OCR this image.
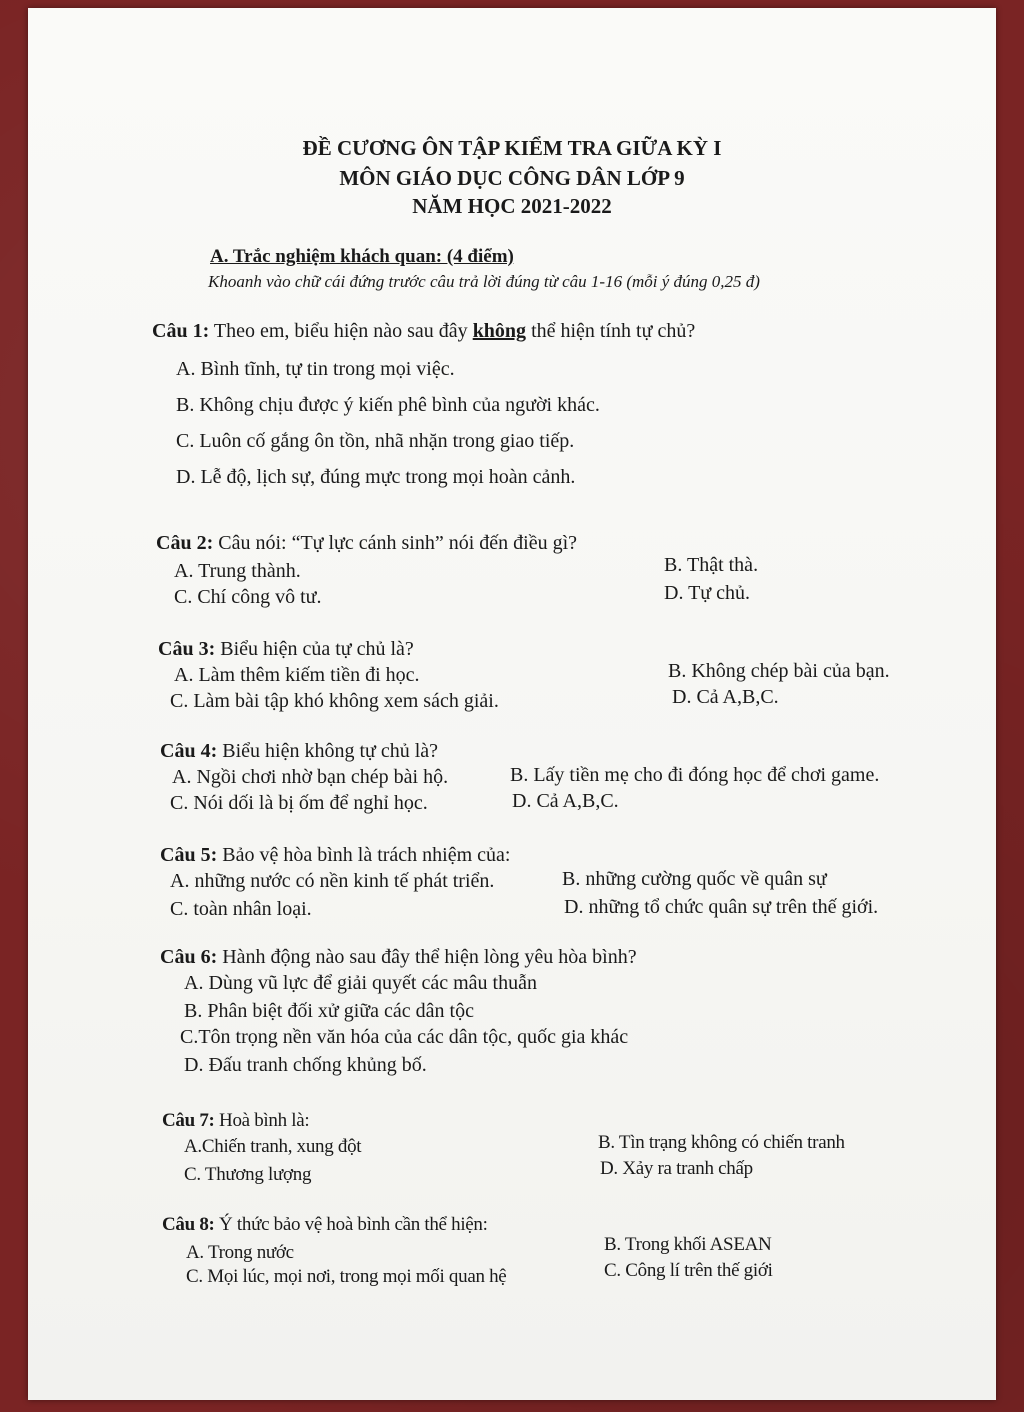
ĐỀ CƯƠNG ÔN TẬP KIỂM TRA GIỮA KỲ I
MÔN GIÁO DỤC CÔNG DÂN LỚP 9
NĂM HỌC 2021-2022
A. Trắc nghiệm khách quan: (4 điểm)
Khoanh vào chữ cái đứng trước câu trả lời đúng từ câu 1-16 (mỗi ý đúng 0,25 đ)
Câu 1: Theo em, biểu hiện nào sau đây không thể hiện tính tự chủ?
A. Bình tĩnh, tự tin trong mọi việc.
B. Không chịu được ý kiến phê bình của người khác.
C. Luôn cố gắng ôn tồn, nhã nhặn trong giao tiếp.
D. Lễ độ, lịch sự, đúng mực trong mọi hoàn cảnh.
Câu 2: Câu nói: “Tự lực cánh sinh” nói đến điều gì?
A. Trung thành.	B. Thật thà.
C. Chí công vô tư.	D. Tự chủ.
Câu 3: Biểu hiện của tự chủ là?
A. Làm thêm kiếm tiền đi học.	B. Không chép bài của bạn.
C. Làm bài tập khó không xem sách giải.	D. Cả A,B,C.
Câu 4: Biểu hiện không tự chủ là?
A. Ngồi chơi nhờ bạn chép bài hộ.	B. Lấy tiền mẹ cho đi đóng học để chơi game.
C. Nói dối là bị ốm để nghỉ học.	D. Cả A,B,C.
Câu 5: Bảo vệ hòa bình là trách nhiệm của:
A. những nước có nền kinh tế phát triển.	B. những cường quốc về quân sự
C. toàn nhân loại.	D. những tổ chức quân sự trên thế giới.
Câu 6: Hành động nào sau đây thể hiện lòng yêu hòa bình?
A. Dùng vũ lực để giải quyết các mâu thuẫn
B. Phân biệt đối xử giữa các dân tộc
C.Tôn trọng nền văn hóa của các dân tộc, quốc gia khác
D. Đấu tranh chống khủng bố.
Câu 7: Hoà bình là:
A.Chiến tranh, xung đột	B. Tìn trạng không có chiến tranh
C. Thương lượng	D. Xảy ra tranh chấp
Câu 8: Ý thức bảo vệ hoà bình cần thể hiện:
A. Trong nước	B. Trong khối ASEAN
C. Mọi lúc, mọi nơi, trong mọi mối quan hệ	C. Công lí trên thế giới
